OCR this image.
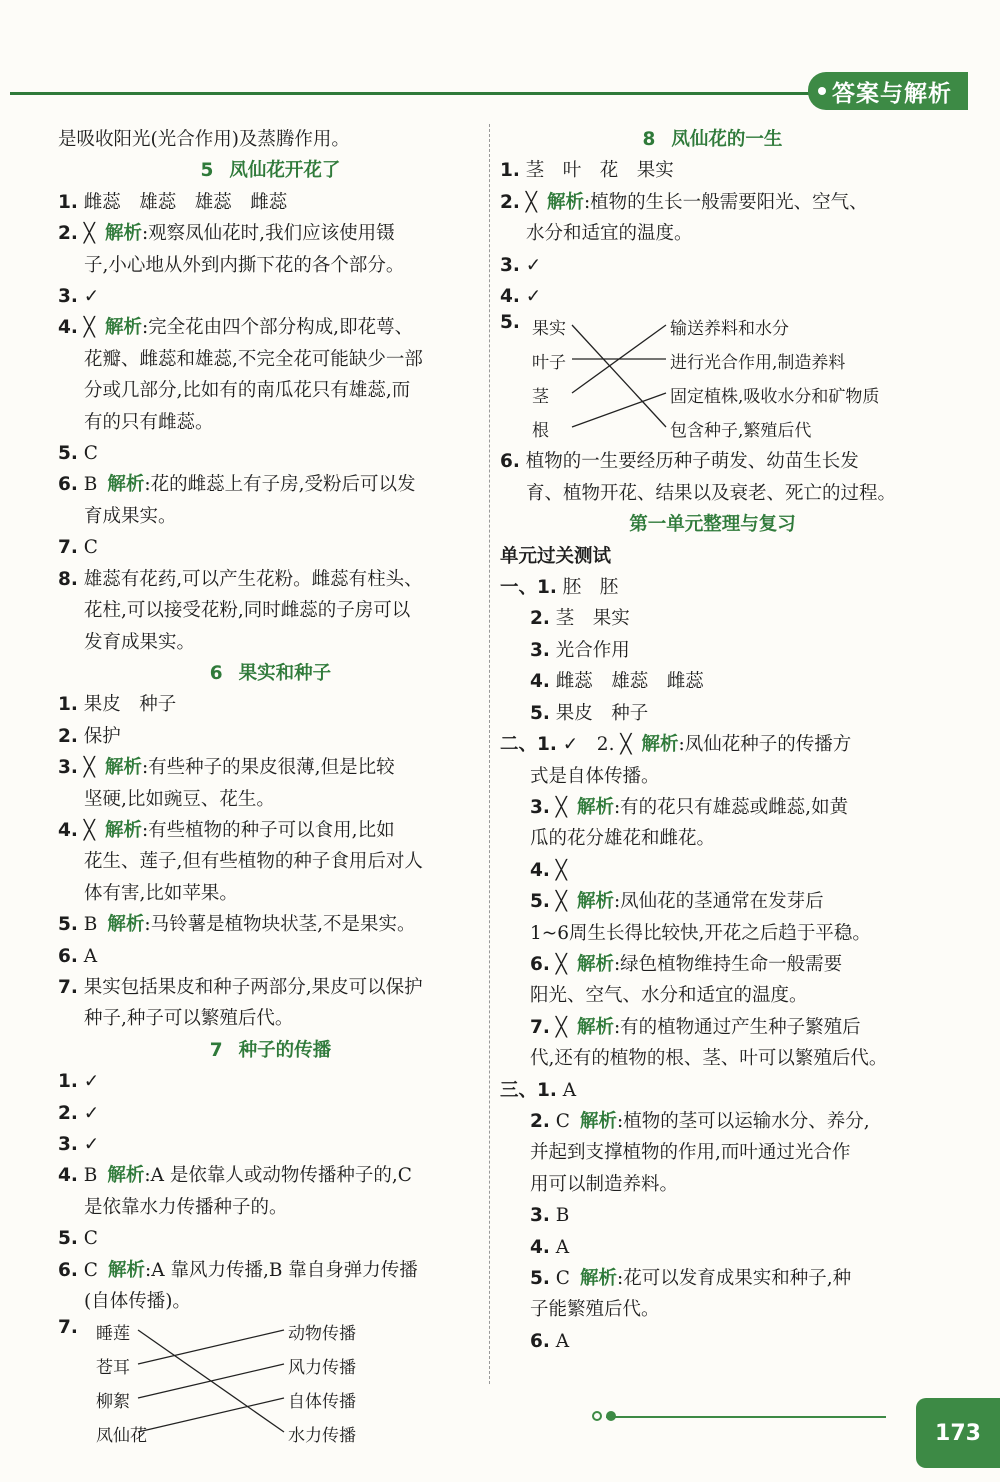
答案与解析
是吸收阳光(光合作用)及蒸腾作用。
5 凤仙花开花了
1. 雌蕊　雄蕊　雄蕊　雌蕊
2. ╳ 解析:观察凤仙花时,我们应该使用镊
子,小心地从外到内撕下花的各个部分。
3. ✓
4. ╳ 解析:完全花由四个部分构成,即花萼、
花瓣、雌蕊和雄蕊,不完全花可能缺少一部
分或几部分,比如有的南瓜花只有雄蕊,而
有的只有雌蕊。
5. C
6. B 解析:花的雌蕊上有子房,受粉后可以发
育成果实。
7. C
8. 雄蕊有花药,可以产生花粉。雌蕊有柱头、
花柱,可以接受花粉,同时雌蕊的子房可以
发育成果实。
6 果实和种子
1. 果皮　种子
2. 保护
3. ╳ 解析:有些种子的果皮很薄,但是比较
坚硬,比如豌豆、花生。
4. ╳ 解析:有些植物的种子可以食用,比如
花生、莲子,但有些植物的种子食用后对人
体有害,比如苹果。
5. B 解析:马铃薯是植物块状茎,不是果实。
6. A
7. 果实包括果皮和种子两部分,果皮可以保护
种子,种子可以繁殖后代。
7 种子的传播
1. ✓
2. ✓
3. ✓
4. B 解析:A 是依靠人或动物传播种子的,C
是依靠水力传播种子的。
5. C
6. C 解析:A 靠风力传播,B 靠自身弹力传播
(自体传播)。
7. 睡莲
苍耳
柳絮
凤仙花
动物传播
风力传播
自体传播
水力传播
8 凤仙花的一生
1. 茎　叶　花　果实
2. ╳ 解析:植物的生长一般需要阳光、空气、
水分和适宜的温度。
3. ✓
4. ✓
5. 果实
叶子
茎
根
输送养料和水分
进行光合作用,制造养料
固定植株,吸收水分和矿物质
包含种子,繁殖后代
6. 植物的一生要经历种子萌发、幼苗生长发
育、植物开花、结果以及衰老、死亡的过程。
第一单元整理与复习
单元过关测试
一、1. 胚　胚
2. 茎　果实
3. 光合作用
4. 雌蕊　雄蕊　雌蕊
5. 果皮　种子
二、1. ✓　2. ╳ 解析:凤仙花种子的传播方
式是自体传播。
3. ╳ 解析:有的花只有雄蕊或雌蕊,如黄
瓜的花分雄花和雌花。
4. ╳
5. ╳ 解析:凤仙花的茎通常在发芽后
1~6周生长得比较快,开花之后趋于平稳。
6. ╳ 解析:绿色植物维持生命一般需要
阳光、空气、水分和适宜的温度。
7. ╳ 解析:有的植物通过产生种子繁殖后
代,还有的植物的根、茎、叶可以繁殖后代。
三、1. A
2. C 解析:植物的茎可以运输水分、养分,
并起到支撑植物的作用,而叶通过光合作
用可以制造养料。
3. B
4. A
5. C 解析:花可以发育成果实和种子,种
子能繁殖后代。
6. A
173
